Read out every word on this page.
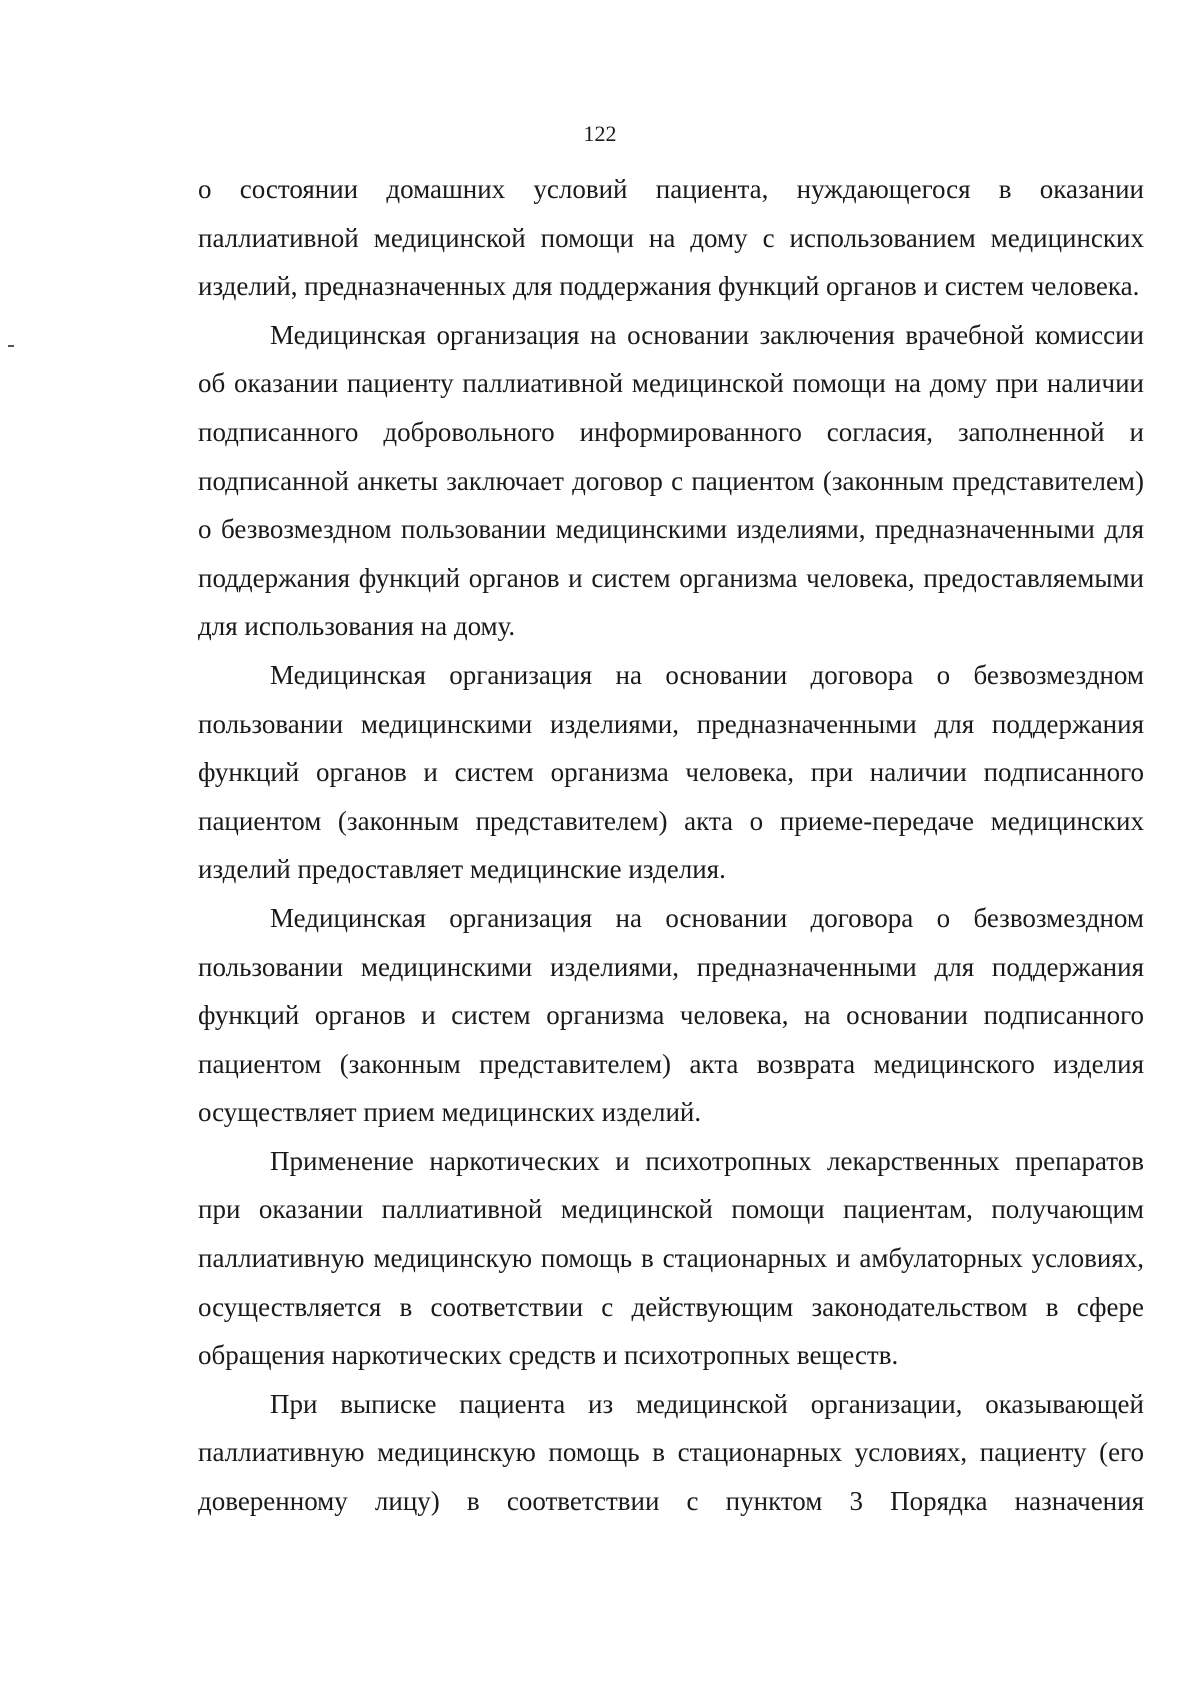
122

о состоянии домашних условий пациента, нуждающегося в оказании паллиативной медицинской помощи на дому с использованием медицинских изделий, предназначенных для поддержания функций органов и систем человека.

Медицинская организация на основании заключения врачебной комиссии об оказании пациенту паллиативной медицинской помощи на дому при наличии подписанного добровольного информированного согласия, заполненной и подписанной анкеты заключает договор с пациентом (законным представителем) о безвозмездном пользовании медицинскими изделиями, предназначенными для поддержания функций органов и систем организма человека, предоставляемыми для использования на дому.

Медицинская организация на основании договора о безвозмездном пользовании медицинскими изделиями, предназначенными для поддержания функций органов и систем организма человека, при наличии подписанного пациентом (законным представителем) акта о приеме-передаче медицинских изделий предоставляет медицинские изделия.

Медицинская организация на основании договора о безвозмездном пользовании медицинскими изделиями, предназначенными для поддержания функций органов и систем организма человека, на основании подписанного пациентом (законным представителем) акта возврата медицинского изделия осуществляет прием медицинских изделий.

Применение наркотических и психотропных лекарственных препаратов при оказании паллиативной медицинской помощи пациентам, получающим паллиативную медицинскую помощь в стационарных и амбулаторных условиях, осуществляется в соответствии с действующим законодательством в сфере обращения наркотических средств и психотропных веществ.

При выписке пациента из медицинской организации, оказывающей паллиативную медицинскую помощь в стационарных условиях, пациенту (его доверенному лицу) в соответствии с пунктом 3 Порядка назначения
